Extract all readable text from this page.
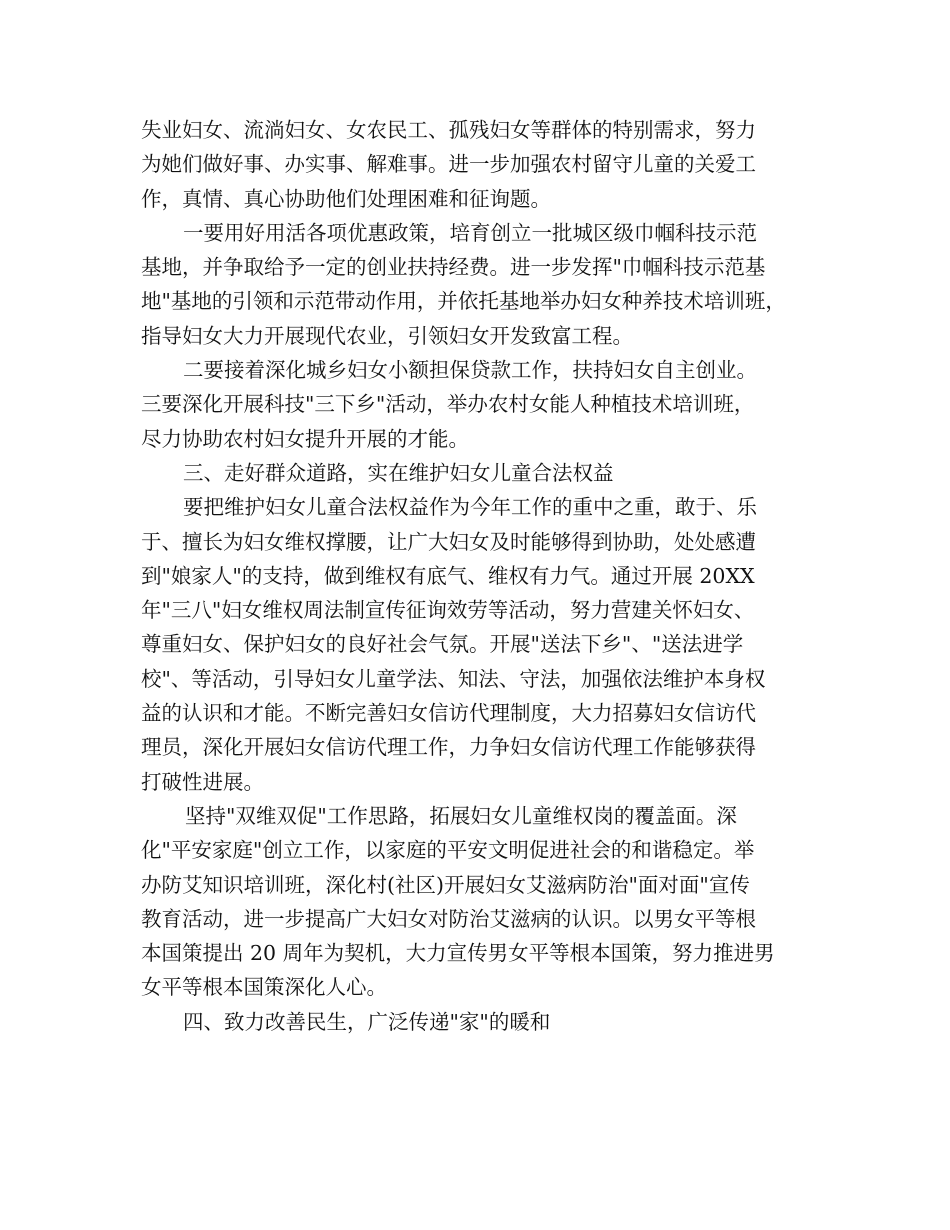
失业妇女、流淌妇女、女农民工、孤残妇女等群体的特别需求，努力
为她们做好事、办实事、解难事。进一步加强农村留守儿童的关爱工
作，真情、真心协助他们处理困难和征询题。
一要用好用活各项优惠政策，培育创立一批城区级巾帼科技示范
基地，并争取给予一定的创业扶持经费。进一步发挥"巾帼科技示范基
地"基地的引领和示范带动作用，并依托基地举办妇女种养技术培训班，
指导妇女大力开展现代农业，引领妇女开发致富工程。
二要接着深化城乡妇女小额担保贷款工作，扶持妇女自主创业。
三要深化开展科技"三下乡"活动，举办农村女能人种植技术培训班，
尽力协助农村妇女提升开展的才能。
三、走好群众道路，实在维护妇女儿童合法权益
要把维护妇女儿童合法权益作为今年工作的重中之重，敢于、乐
于、擅长为妇女维权撑腰，让广大妇女及时能够得到协助，处处感遭
到"娘家人"的支持，做到维权有底气、维权有力气。通过开展 20XX
年"三八"妇女维权周法制宣传征询效劳等活动，努力营建关怀妇女、
尊重妇女、保护妇女的良好社会气氛。开展"送法下乡"、"送法进学
校"、等活动，引导妇女儿童学法、知法、守法，加强依法维护本身权
益的认识和才能。不断完善妇女信访代理制度，大力招募妇女信访代
理员，深化开展妇女信访代理工作，力争妇女信访代理工作能够获得
打破性进展。
坚持"双维双促"工作思路，拓展妇女儿童维权岗的覆盖面。深
化"平安家庭"创立工作，以家庭的平安文明促进社会的和谐稳定。举
办防艾知识培训班，深化村(社区)开展妇女艾滋病防治"面对面"宣传
教育活动，进一步提高广大妇女对防治艾滋病的认识。以男女平等根
本国策提出 20 周年为契机，大力宣传男女平等根本国策，努力推进男
女平等根本国策深化人心。
四、致力改善民生，广泛传递"家"的暖和
